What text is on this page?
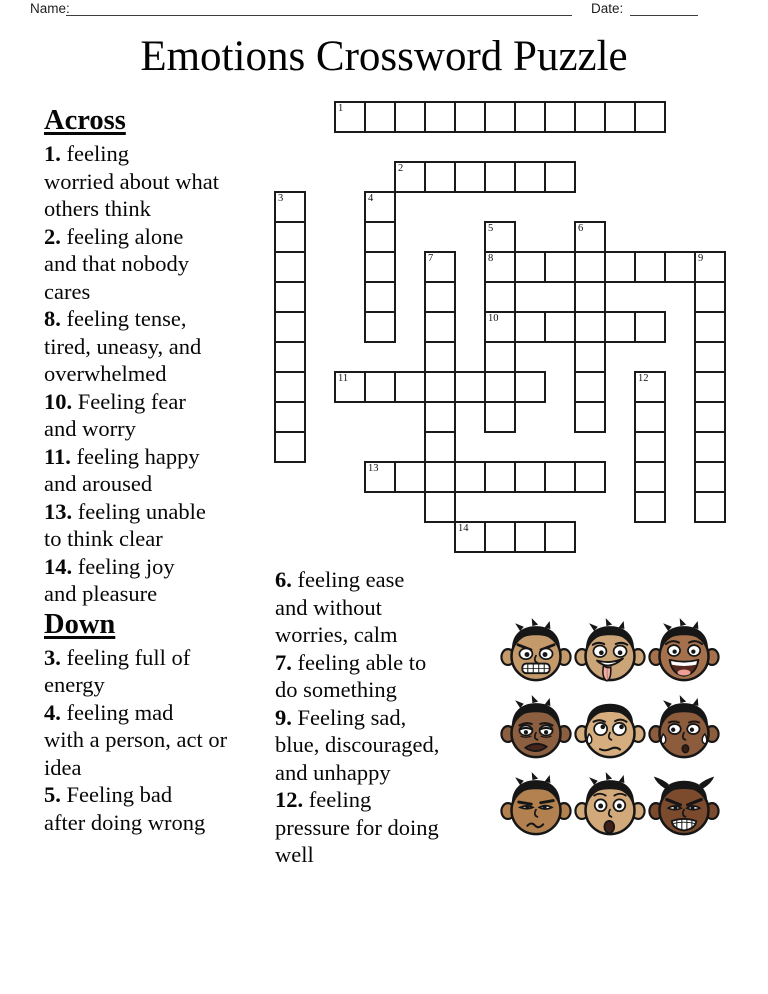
Name:	Date:
Emotions Crossword Puzzle
1
2
3	4
5
8
10
6
7	9
11	12
13
14
Across
1. feeling
worried about what
others think
2. feeling alone
and that nobody
cares
8. feeling tense,
tired, uneasy, and
overwhelmed
10. Feeling fear
and worry
11. feeling happy
and aroused
13. feeling unable
to think clear
14. feeling joy
and pleasure
Down
3. feeling full of
energy
4. feeling mad
with a person, act or
idea
5. Feeling bad
after doing wrong
6. feeling ease
and without
worries, calm
7. feeling able to
do something
9. Feeling sad,
blue, discouraged,
and unhappy
12. feeling
pressure for doing
well
